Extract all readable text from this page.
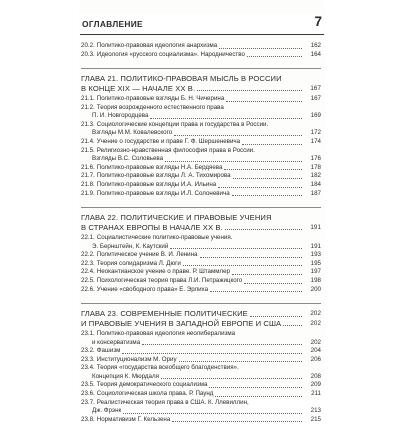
ОГЛАВЛЕНИЕ	7
20.2. Политико-правовая идеология анархизма	162
20.3. Идеология «русского социализма». Народничество	164
ГЛАВА 21. ПОЛИТИКО-ПРАВОВАЯ МЫСЛЬ В РОССИИ
В КОНЦЕ XIX — НАЧАЛЕ XX В.	167
21.1. Политико-правовые взгляды Б. Н. Чичерина	167
21.2. Теория возрожденного естественного права
П. И. Новгородцева	169
21.3. Социологические концепции права и государства в России.
Взгляды М.М. Ковалевского	172
21.4. Учение о государстве и праве Г. Ф. Шершеневича	174
21.5. Религиозно-нравственная философия права в России.
Взгляды В.С. Соловьева	176
21.6. Политико-правовые взгляды Н.А. Бердяева	178
21.7. Политико-правовые взгляды Л. А. Тихомирова	182
21.8. Политико-правовые взгляды И.А. Ильина	184
21.9. Политико-правовые взгляды И.Л. Солоневича	187
ГЛАВА 22. ПОЛИТИЧЕСКИЕ И ПРАВОВЫЕ УЧЕНИЯ
В СТРАНАХ ЕВРОПЫ В НАЧАЛЕ XX В.	191
22.1. Социалистические политико-правовые учения.
Э. Бернштейн, К. Каутский	191
22.2. Политическое учение В. И. Ленина	193
22.3. Теория солидаризма Л. Дюги	195
22.4. Неокантианское учение о праве. Р. Штаммлер	197
22.5. Психологическая теория права Л.И. Петражицкого	198
22.6. Учение «свободного права» Е. Эрлиха	200
ГЛАВА 23. СОВРЕМЕННЫЕ ПОЛИТИЧЕСКИЕ	202
И ПРАВОВЫЕ УЧЕНИЯ В ЗАПАДНОЙ ЕВРОПЕ И США	202
23.1. Политико-правовая идеология неолиберализма
и консерватизма	202
23.2. Фашизм	204
23.3. Институционализм М. Ориу	206
23.4. Теория «государства всеобщего благоденствия».
Концепция К. Мюрдаля	208
23.5. Теория демократического социализма	209
23.6. Социологическая школа права. Р. Паунд	211
23.7. Реалистическая теория права в США. К. Ллевиллин,
Дж. Фрэнк	213
23.8. Нормативизм Г. Кельзена	215
